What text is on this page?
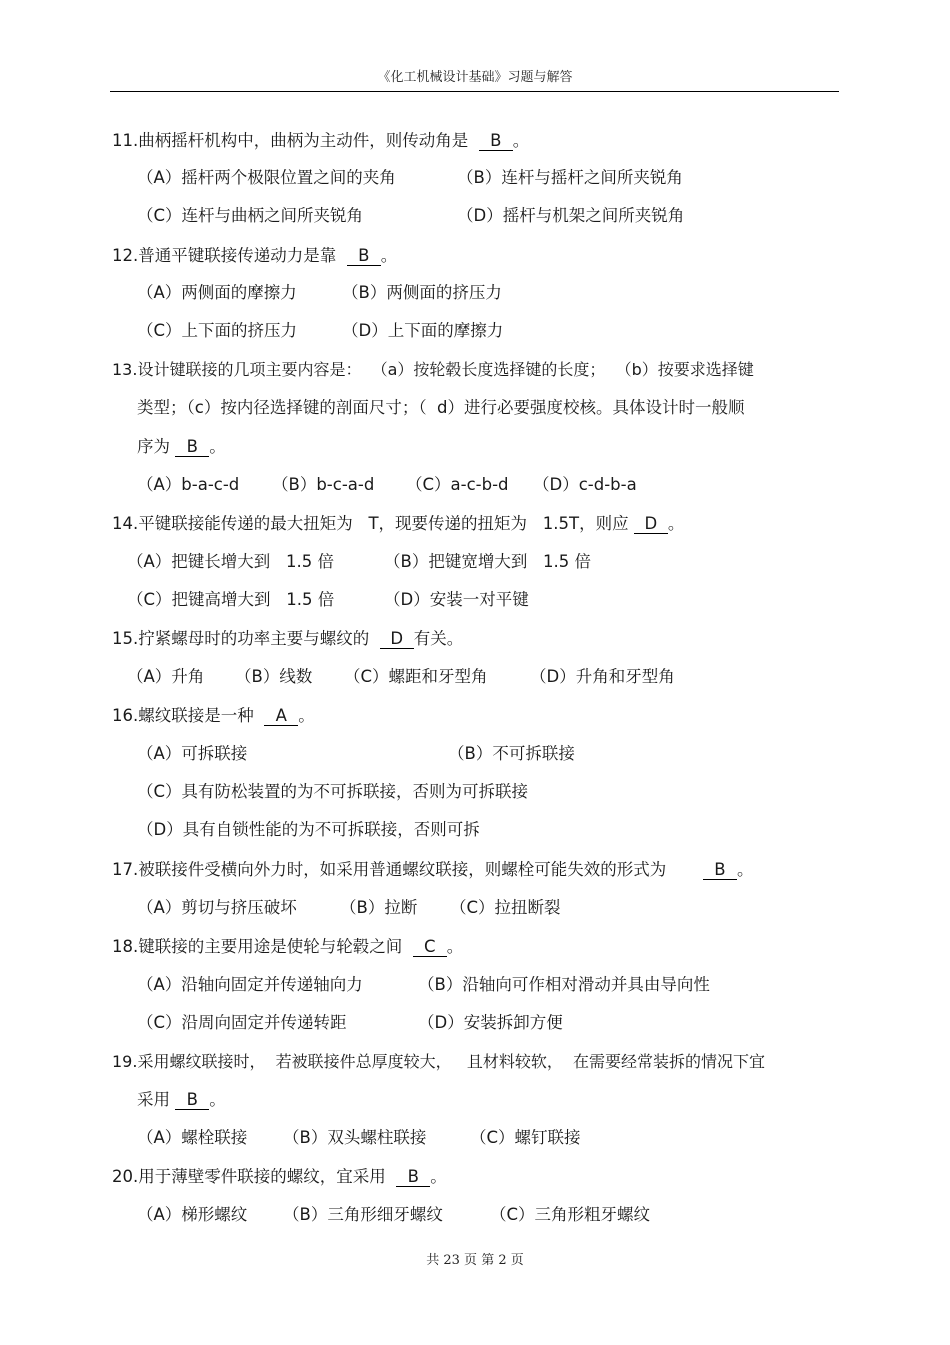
《化工机械设计基础》习题与解答
11.曲柄摇杆机构中，曲柄为主动件，则传动角是  B 。
（A）摇杆两个极限位置之间的夹角	（B）连杆与摇杆之间所夹锐角
（C）连杆与曲柄之间所夹锐角	（D）摇杆与机架之间所夹锐角
12.普通平键联接传递动力是靠  B 。
（A）两侧面的摩擦力	（B）两侧面的挤压力
（C）上下面的挤压力	（D）上下面的摩擦力
13.设计键联接的几项主要内容是：  （a）按轮毂长度选择键的长度；  （b）按要求选择键
类型；（c）按内径选择键的剖面尺寸；（  d）进行必要强度校核。具体设计时一般顺
序为 B 。
（A）b-a-c-d （B）b-c-a-d （C）a-c-b-d （D）c-d-b-a
14.平键联接能传递的最大扭矩为   T，现要传递的扭矩为   1.5T，则应 D 。
（A）把键长增大到   1.5 倍	（B）把键宽增大到   1.5 倍
（C）把键高增大到   1.5 倍	（D）安装一对平键
15.拧紧螺母时的功率主要与螺纹的  D 有关。
（A）升角 （B）线数 （C）螺距和牙型角	（D）升角和牙型角
16.螺纹联接是一种  A 。
（A）可拆联接	（B）不可拆联接
（C）具有防松装置的为不可拆联接，否则为可拆联接
（D）具有自锁性能的为不可拆联接，否则可拆
17.被联接件受横向外力时，如采用普通螺纹联接，则螺栓可能失效的形式为       B 。
（A）剪切与挤压破坏	（B）拉断 （C）拉扭断裂
18.键联接的主要用途是使轮与轮毂之间  C 。
（A）沿轴向固定并传递轴向力	（B）沿轴向可作相对滑动并具由导向性
（C）沿周向固定并传递转距	（D）安装拆卸方便
19.采用螺纹联接时，  若被联接件总厚度较大，   且材料较软，  在需要经常装拆的情况下宜
采用 B 。
（A）螺栓联接 （B）双头螺柱联接	（C）螺钉联接
20.用于薄壁零件联接的螺纹，宜采用  B 。
（A）梯形螺纹 （B）三角形细牙螺纹	（C）三角形粗牙螺纹
共 23 页 第 2 页
